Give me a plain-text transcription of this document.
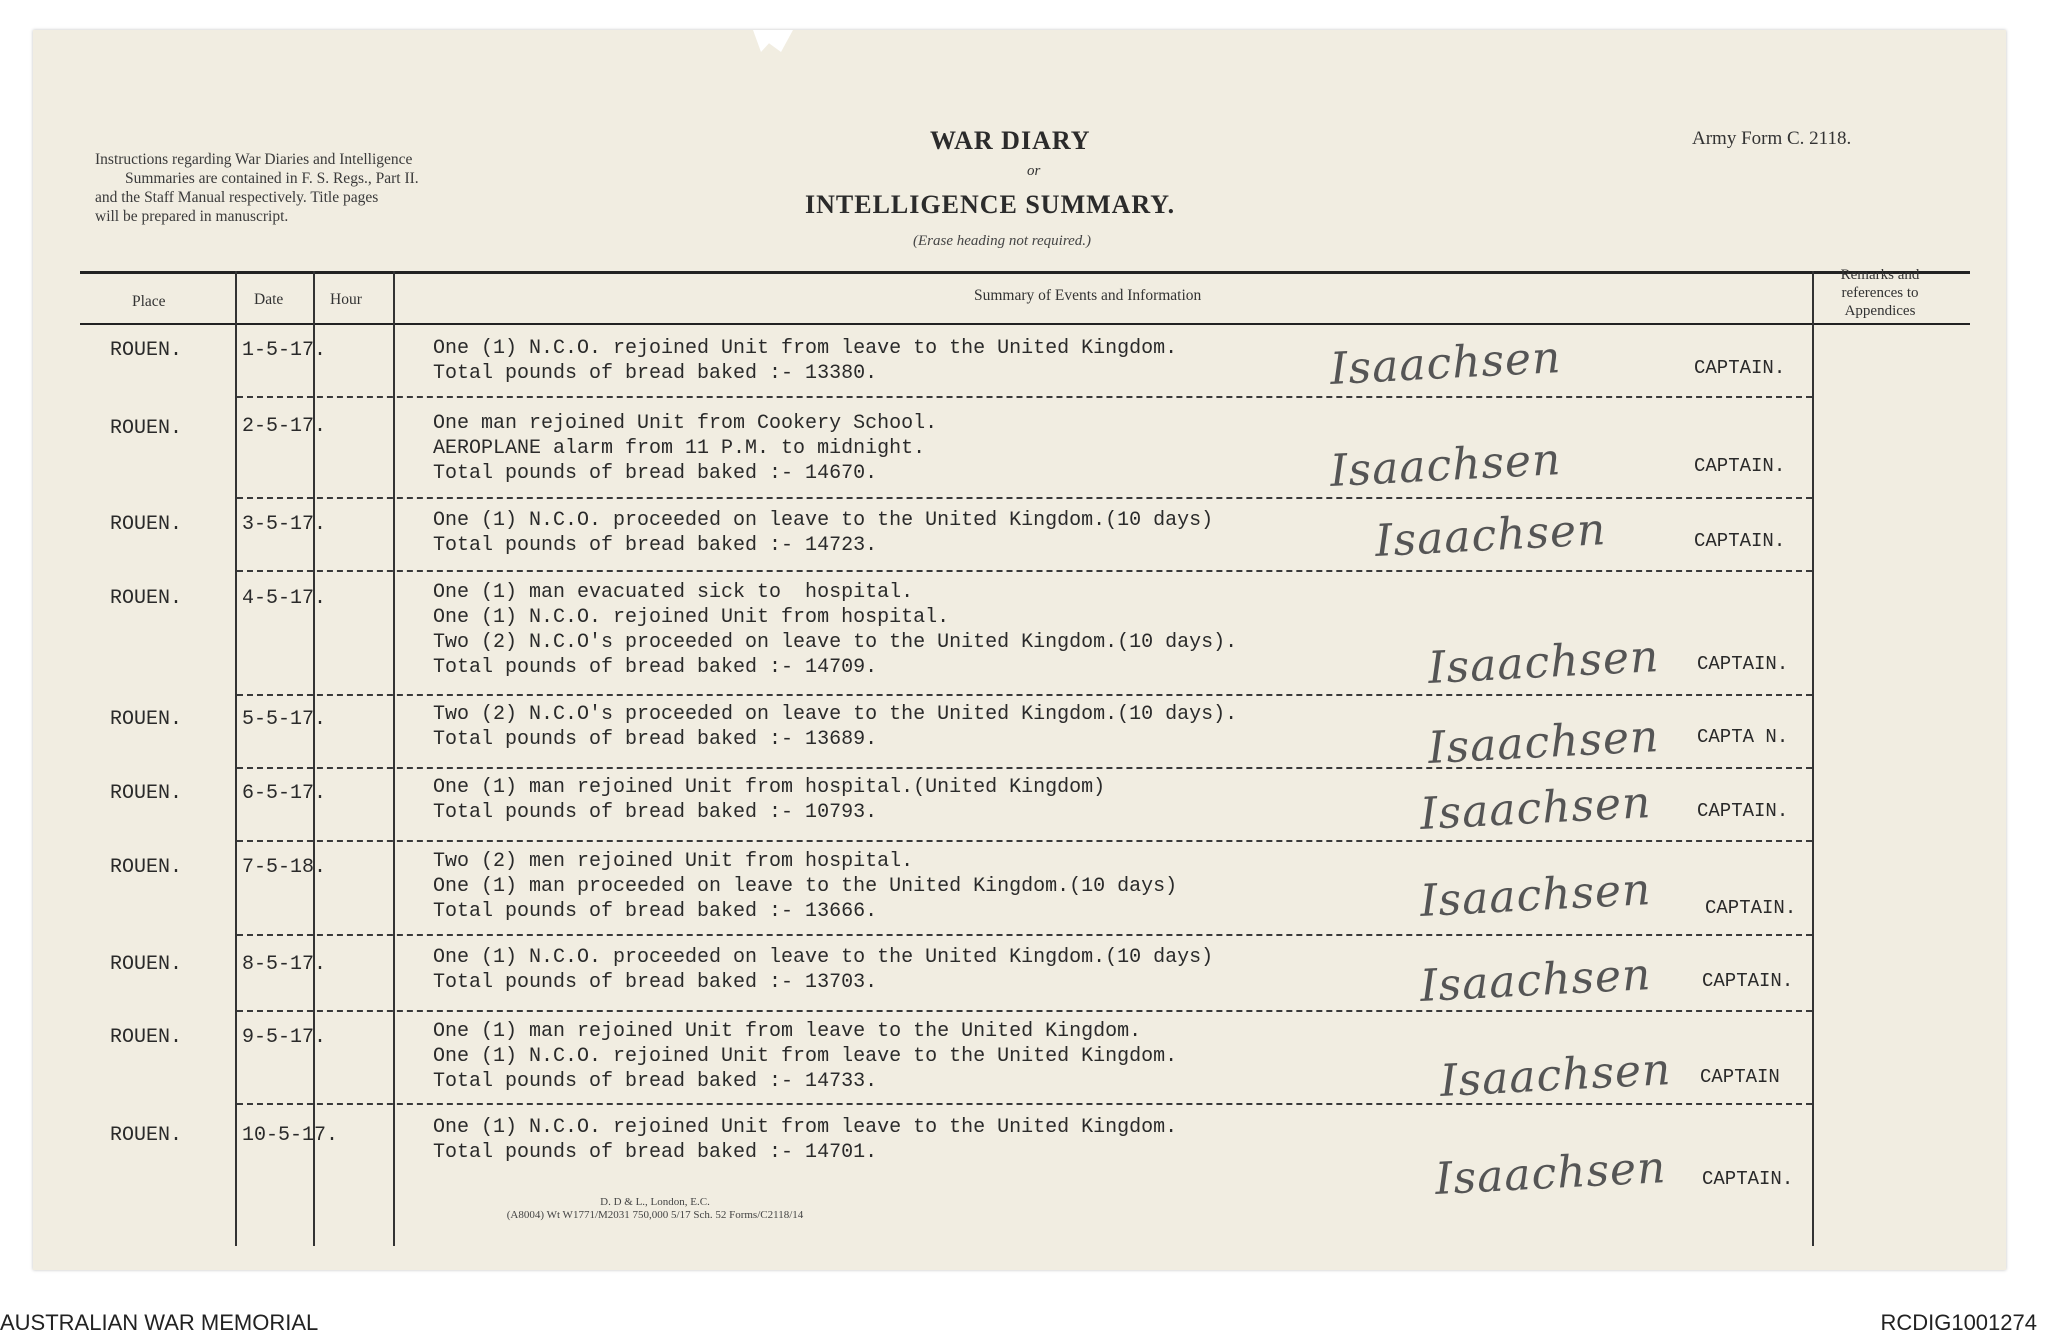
Instructions regarding War Diaries and Intelligence
Summaries are contained in F. S. Regs., Part II.
and the Staff Manual respectively. Title pages
will be prepared in manuscript.
WAR DIARY
or
INTELLIGENCE SUMMARY.
(Erase heading not required.)
Army Form C. 2118.
Place	Date	Hour	Summary of Events and Information
Remarks and
references to
Appendices
ROUEN.	1-5-17.	One (1) N.C.O. rejoined Unit from leave to the United Kingdom.
Total pounds of bread baked :- 13380.	Isaachsen	CAPTAIN.
ROUEN.	2-5-17.	One man rejoined Unit from Cookery School.
AEROPLANE alarm from 11 P.M. to midnight.
Total pounds of bread baked :- 14670.	Isaachsen	CAPTAIN.
ROUEN.	3-5-17.	One (1) N.C.O. proceeded on leave to the United Kingdom.(10 days)
Total pounds of bread baked :- 14723.	Isaachsen	CAPTAIN.
ROUEN.	4-5-17.	One (1) man evacuated sick to  hospital.
One (1) N.C.O. rejoined Unit from hospital.
Two (2) N.C.O's proceeded on leave to the United Kingdom.(10 days).
Total pounds of bread baked :- 14709.	Isaachsen CAPTAIN.
ROUEN.	5-5-17.	Two (2) N.C.O's proceeded on leave to the United Kingdom.(10 days).
Total pounds of bread baked :- 13689.	Isaachsen CAPTA N.
ROUEN.	6-5-17.	One (1) man rejoined Unit from hospital.(United Kingdom)
Total pounds of bread baked :- 10793.	Isaachsen CAPTAIN.
ROUEN.	7-5-18.	Two (2) men rejoined Unit from hospital.
One (1) man proceeded on leave to the United Kingdom.(10 days)
Total pounds of bread baked :- 13666.	Isaachsen	CAPTAIN.
ROUEN.	8-5-17.	One (1) N.C.O. proceeded on leave to the United Kingdom.(10 days)
Total pounds of bread baked :- 13703.	Isaachsen	CAPTAIN.
ROUEN.	9-5-17.	One (1) man rejoined Unit from leave to the United Kingdom.
One (1) N.C.O. rejoined Unit from leave to the United Kingdom.
Total pounds of bread baked :- 14733.	Isaachsen CAPTAIN
ROUEN.	10-5-17.	One (1) N.C.O. rejoined Unit from leave to the United Kingdom.
Total pounds of bread baked :- 14701.	Isaachsen CAPTAIN.
D. D & L., London, E.C.
(A8004) Wt W1771/M2031 750,000 5/17 Sch. 52 Forms/C2118/14
AUSTRALIAN WAR MEMORIAL	RCDIG1001274
